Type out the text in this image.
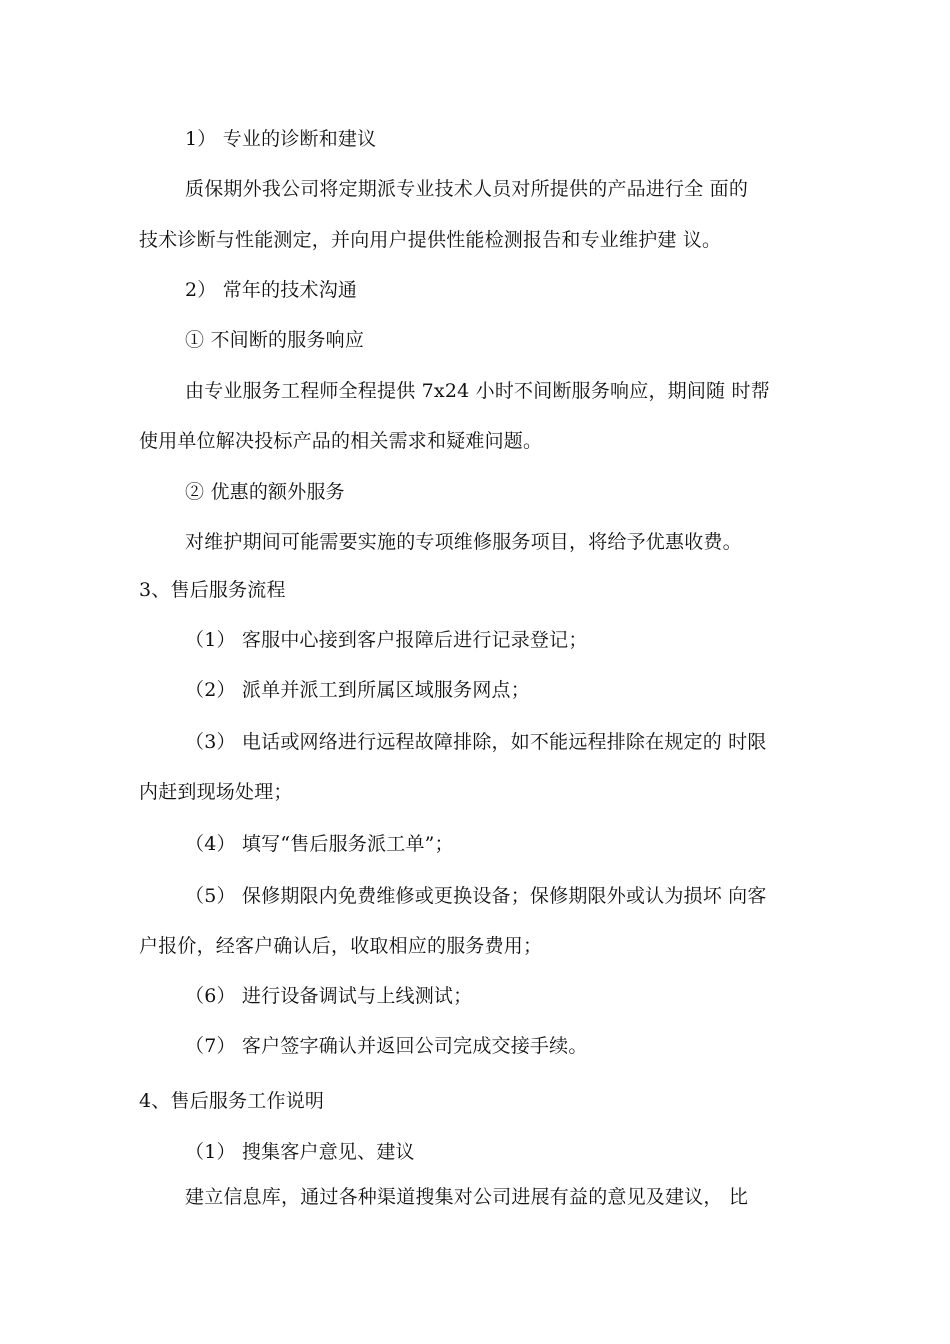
1） 专业的诊断和建议
质保期外我公司将定期派专业技术人员对所提供的产品进行全 面的
技术诊断与性能测定，并向用户提供性能检测报告和专业维护建 议。
2） 常年的技术沟通
① 不间断的服务响应
由专业服务工程师全程提供 7x24 小时不间断服务响应，期间随 时帮
使用单位解决投标产品的相关需求和疑难问题。
② 优惠的额外服务
对维护期间可能需要实施的专项维修服务项目，将给予优惠收费。
3、售后服务流程
（1） 客服中心接到客户报障后进行记录登记；
（2） 派单并派工到所属区域服务网点；
（3） 电话或网络进行远程故障排除，如不能远程排除在规定的 时限
内赶到现场处理；
（4） 填写“售后服务派工单”；
（5） 保修期限内免费维修或更换设备；保修期限外或认为损坏 向客
户报价，经客户确认后，收取相应的服务费用；
（6） 进行设备调试与上线测试；
（7） 客户签字确认并返回公司完成交接手续。
4、售后服务工作说明
（1） 搜集客户意见、建议
建立信息库，通过各种渠道搜集对公司进展有益的意见及建议， 比
